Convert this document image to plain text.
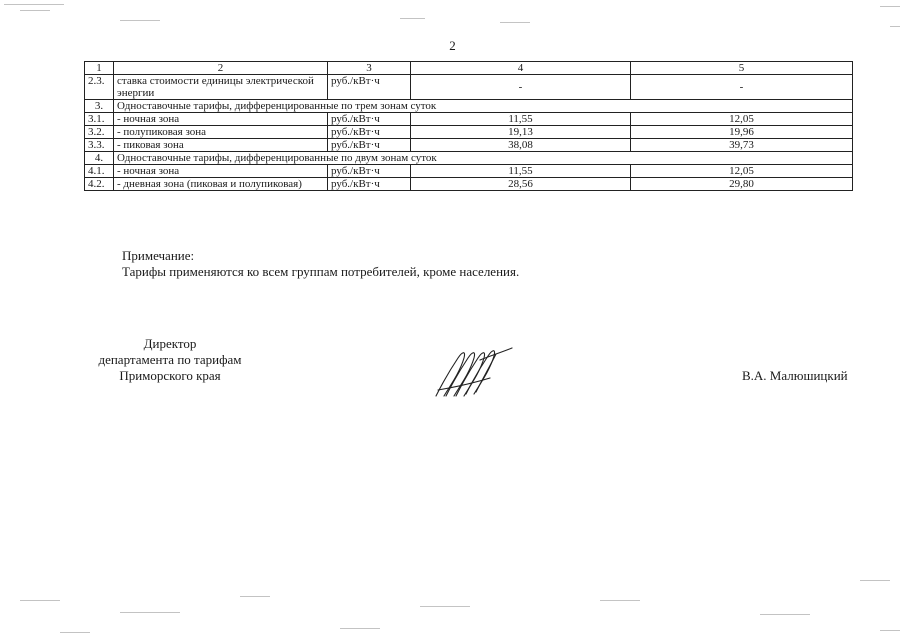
2
1	2	3	4	5
2.3.	ставка стоимости единицы электрической энергии	руб./кВт·ч	-	-
3.	Одноставочные тарифы, дифференцированные по трем зонам суток			
3.1.	- ночная зона	руб./кВт·ч	11,55	12,05
3.2.	- полупиковая зона	руб./кВт·ч	19,13	19,96
3.3.	- пиковая зона	руб./кВт·ч	38,08	39,73
4.	Одноставочные тарифы, дифференцированные по двум зонам суток			
4.1.	- ночная зона	руб./кВт·ч	11,55	12,05
4.2.	- дневная зона (пиковая и полупиковая)	руб./кВт·ч	28,56	29,80
Примечание:
Тарифы применяются ко всем группам потребителей, кроме населения.
Директор
департамента по тарифам
Приморского края	В.А. Малюшицкий
